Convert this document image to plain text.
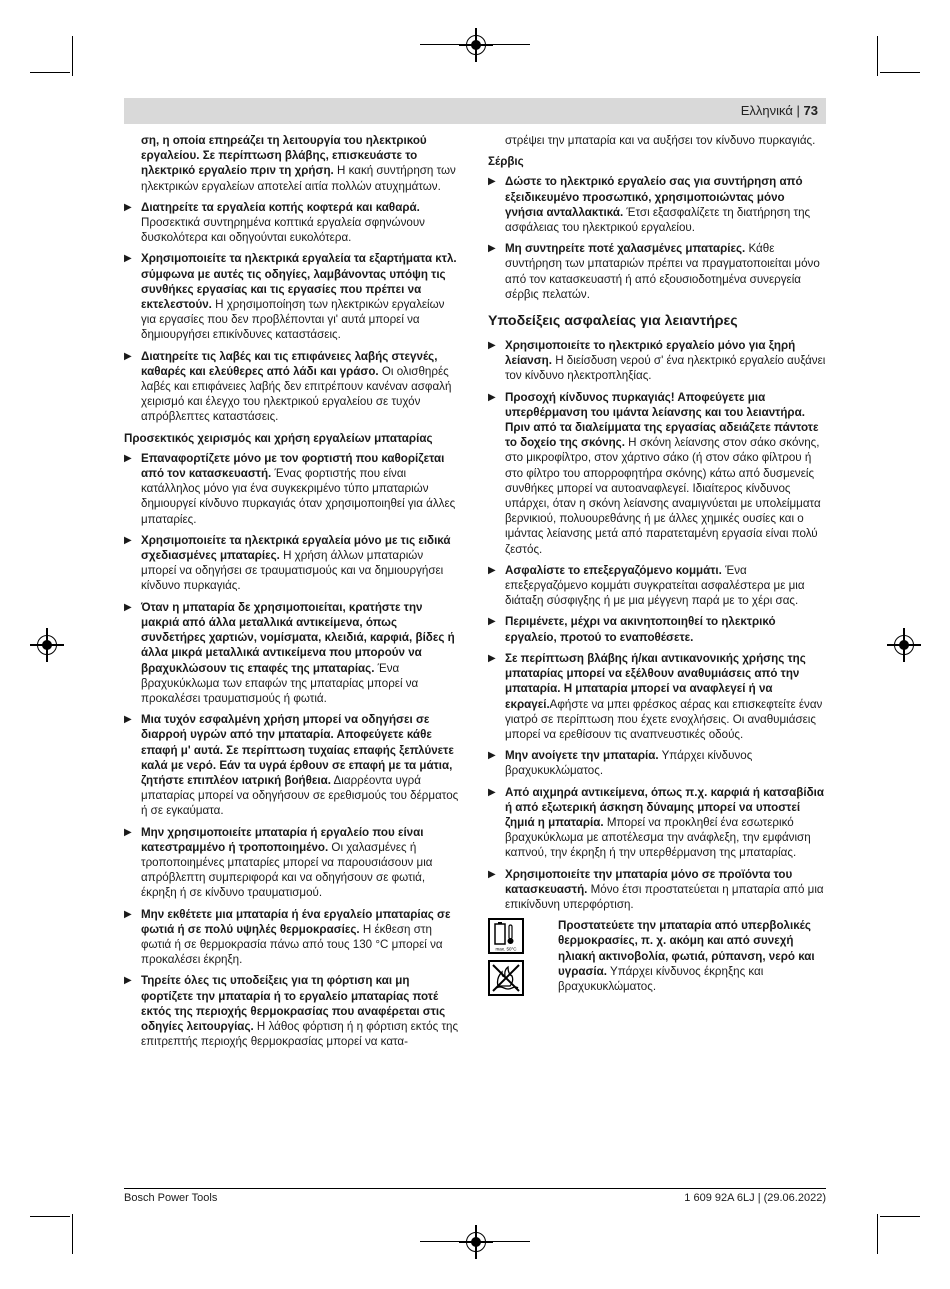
Ελληνικά | 73

ση, η οποία επηρεάζει τη λειτουργία του ηλεκτρικού εργαλείου. Σε περίπτωση βλάβης, επισκευάστε το ηλεκτρικό εργαλείο πριν τη χρήση. Η κακή συντήρηση των ηλεκτρικών εργαλείων αποτελεί αιτία πολλών ατυχημάτων.

▶ Διατηρείτε τα εργαλεία κοπής κοφτερά και καθαρά. Προσεκτικά συντηρημένα κοπτικά εργαλεία σφηνώνουν δυσκολότερα και οδηγούνται ευκολότερα.
▶ Χρησιμοποιείτε τα ηλεκτρικά εργαλεία τα εξαρτήματα κτλ. σύμφωνα με αυτές τις οδηγίες, λαμβάνοντας υπόψη τις συνθήκες εργασίας και τις εργασίες που πρέπει να εκτελεστούν. Η χρησιμοποίηση των ηλεκτρικών εργαλείων για εργασίες που δεν προβλέπονται γι' αυτά μπορεί να δημιουργήσει επικίνδυνες καταστάσεις.
▶ Διατηρείτε τις λαβές και τις επιφάνειες λαβής στεγνές, καθαρές και ελεύθερες από λάδι και γράσο. Οι ολισθηρές λαβές και επιφάνειες λαβής δεν επιτρέπουν κανέναν ασφαλή χειρισμό και έλεγχο του ηλεκτρικού εργαλείου σε τυχόν απρόβλεπτες καταστάσεις.
Προσεκτικός χειρισμός και χρήση εργαλείων μπαταρίας
▶ Επαναφορτίζετε μόνο με τον φορτιστή που καθορίζεται από τον κατασκευαστή. Ένας φορτιστής που είναι κατάλληλος μόνο για ένα συγκεκριμένο τύπο μπαταριών δημιουργεί κίνδυνο πυρκαγιάς όταν χρησιμοποιηθεί για άλλες μπαταρίες.
▶ Χρησιμοποιείτε τα ηλεκτρικά εργαλεία μόνο με τις ειδικά σχεδιασμένες μπαταρίες. Η χρήση άλλων μπαταριών μπορεί να οδηγήσει σε τραυματισμούς και να δημιουργήσει κίνδυνο πυρκαγιάς.
▶ Όταν η μπαταρία δε χρησιμοποιείται, κρατήστε την μακριά από άλλα μεταλλικά αντικείμενα, όπως συνδετήρες χαρτιών, νομίσματα, κλειδιά, καρφιά, βίδες ή άλλα μικρά μεταλλικά αντικείμενα που μπορούν να βραχυκλώσουν τις επαφές της μπαταρίας. Ένα βραχυκύκλωμα των επαφών της μπαταρίας μπορεί να προκαλέσει τραυματισμούς ή φωτιά.
▶ Μια τυχόν εσφαλμένη χρήση μπορεί να οδηγήσει σε διαρροή υγρών από την μπαταρία. Αποφεύγετε κάθε επαφή μ' αυτά. Σε περίπτωση τυχαίας επαφής ξεπλύνετε καλά με νερό. Εάν τα υγρά έρθουν σε επαφή με τα μάτια, ζητήστε επιπλέον ιατρική βοήθεια. Διαρρέοντα υγρά μπαταρίας μπορεί να οδηγήσουν σε ερεθισμούς του δέρματος ή σε εγκαύματα.
▶ Μην χρησιμοποιείτε μπαταρία ή εργαλείο που είναι κατεστραμμένο ή τροποποιημένο. Οι χαλασμένες ή τροποποιημένες μπαταρίες μπορεί να παρουσιάσουν μια απρόβλεπτη συμπεριφορά και να οδηγήσουν σε φωτιά, έκρηξη ή σε κίνδυνο τραυματισμού.
▶ Μην εκθέτετε μια μπαταρία ή ένα εργαλείο μπαταρίας σε φωτιά ή σε πολύ υψηλές θερμοκρασίες. Η έκθεση στη φωτιά ή σε θερμοκρασία πάνω από τους 130 °C μπορεί να προκαλέσει έκρηξη.
▶ Τηρείτε όλες τις υποδείξεις για τη φόρτιση και μη φορτίζετε την μπαταρία ή το εργαλείο μπαταρίας ποτέ εκτός της περιοχής θερμοκρασίας που αναφέρεται στις οδηγίες λειτουργίας. Η λάθος φόρτιση ή η φόρτιση εκτός της επιτρεπτής περιοχής θερμοκρασίας μπορεί να κατα-

στρέψει την μπαταρία και να αυξήσει τον κίνδυνο πυρκαγιάς.

Σέρβις
▶ Δώστε το ηλεκτρικό εργαλείο σας για συντήρηση από εξειδικευμένο προσωπικό, χρησιμοποιώντας μόνο γνήσια ανταλλακτικά. Έτσι εξασφαλίζετε τη διατήρηση της ασφάλειας του ηλεκτρικού εργαλείου.
▶ Μη συντηρείτε ποτέ χαλασμένες μπαταρίες. Κάθε συντήρηση των μπαταριών πρέπει να πραγματοποιείται μόνο από τον κατασκευαστή ή από εξουσιοδοτημένα συνεργεία σέρβις πελατών.
Υποδείξεις ασφαλείας για λειαντήρες
▶ Χρησιμοποιείτε το ηλεκτρικό εργαλείο μόνο για ξηρή λείανση. Η διείσδυση νερού σ' ένα ηλεκτρικό εργαλείο αυξάνει τον κίνδυνο ηλεκτροπληξίας.
▶ Προσοχή κίνδυνος πυρκαγιάς! Αποφεύγετε μια υπερθέρμανση του ιμάντα λείανσης και του λειαντήρα. Πριν από τα διαλείμματα της εργασίας αδειάζετε πάντοτε το δοχείο της σκόνης. Η σκόνη λείανσης στον σάκο σκόνης, στο μικροφίλτρο, στον χάρτινο σάκο (ή στον σάκο φίλτρου ή στο φίλτρο του απορροφητήρα σκόνης) κάτω από δυσμενείς συνθήκες μπορεί να αυτοαναφλεγεί. Ιδιαίτερος κίνδυνος υπάρχει, όταν η σκόνη λείανσης αναμιγνύεται με υπολείμματα βερνικιού, πολυουρεθάνης ή με άλλες χημικές ουσίες και ο ιμάντας λείανσης μετά από παρατεταμένη εργασία είναι πολύ ζεστός.
▶ Ασφαλίστε το επεξεργαζόμενο κομμάτι. Ένα επεξεργαζόμενο κομμάτι συγκρατείται ασφαλέστερα με μια διάταξη σύσφιγξης ή με μια μέγγενη παρά με το χέρι σας.
▶ Περιμένετε, μέχρι να ακινητοποιηθεί το ηλεκτρικό εργαλείο, προτού το εναποθέσετε.
▶ Σε περίπτωση βλάβης ή/και αντικανονικής χρήσης της μπαταρίας μπορεί να εξέλθουν αναθυμιάσεις από την μπαταρία. Η μπαταρία μπορεί να αναφλεγεί ή να εκραγεί.Αφήστε να μπει φρέσκος αέρας και επισκεφτείτε έναν γιατρό σε περίπτωση που έχετε ενοχλήσεις. Οι αναθυμιάσεις μπορεί να ερεθίσουν τις αναπνευστικές οδούς.
▶ Μην ανοίγετε την μπαταρία. Υπάρχει κίνδυνος βραχυκυκλώματος.
▶ Από αιχμηρά αντικείμενα, όπως π.χ. καρφιά ή κατσαβίδια ή από εξωτερική άσκηση δύναμης μπορεί να υποστεί ζημιά η μπαταρία. Μπορεί να προκληθεί ένα εσωτερικό βραχυκύκλωμα με αποτέλεσμα την ανάφλεξη, την εμφάνιση καπνού, την έκρηξη ή την υπερθέρμανση της μπαταρίας.
▶ Χρησιμοποιείτε την μπαταρία μόνο σε προϊόντα του κατασκευαστή. Μόνο έτσι προστατεύεται η μπαταρία από μια επικίνδυνη υπερφόρτιση.
max. 50°C
Προστατεύετε την μπαταρία από υπερβολικές θερμοκρασίες, π. χ. ακόμη και από συνεχή ηλιακή ακτινοβολία, φωτιά, ρύπανση, νερό και υγρασία. Υπάρχει κίνδυνος έκρηξης και βραχυκυκλώματος.
Bosch Power Tools	1 609 92A 6LJ | (29.06.2022)
